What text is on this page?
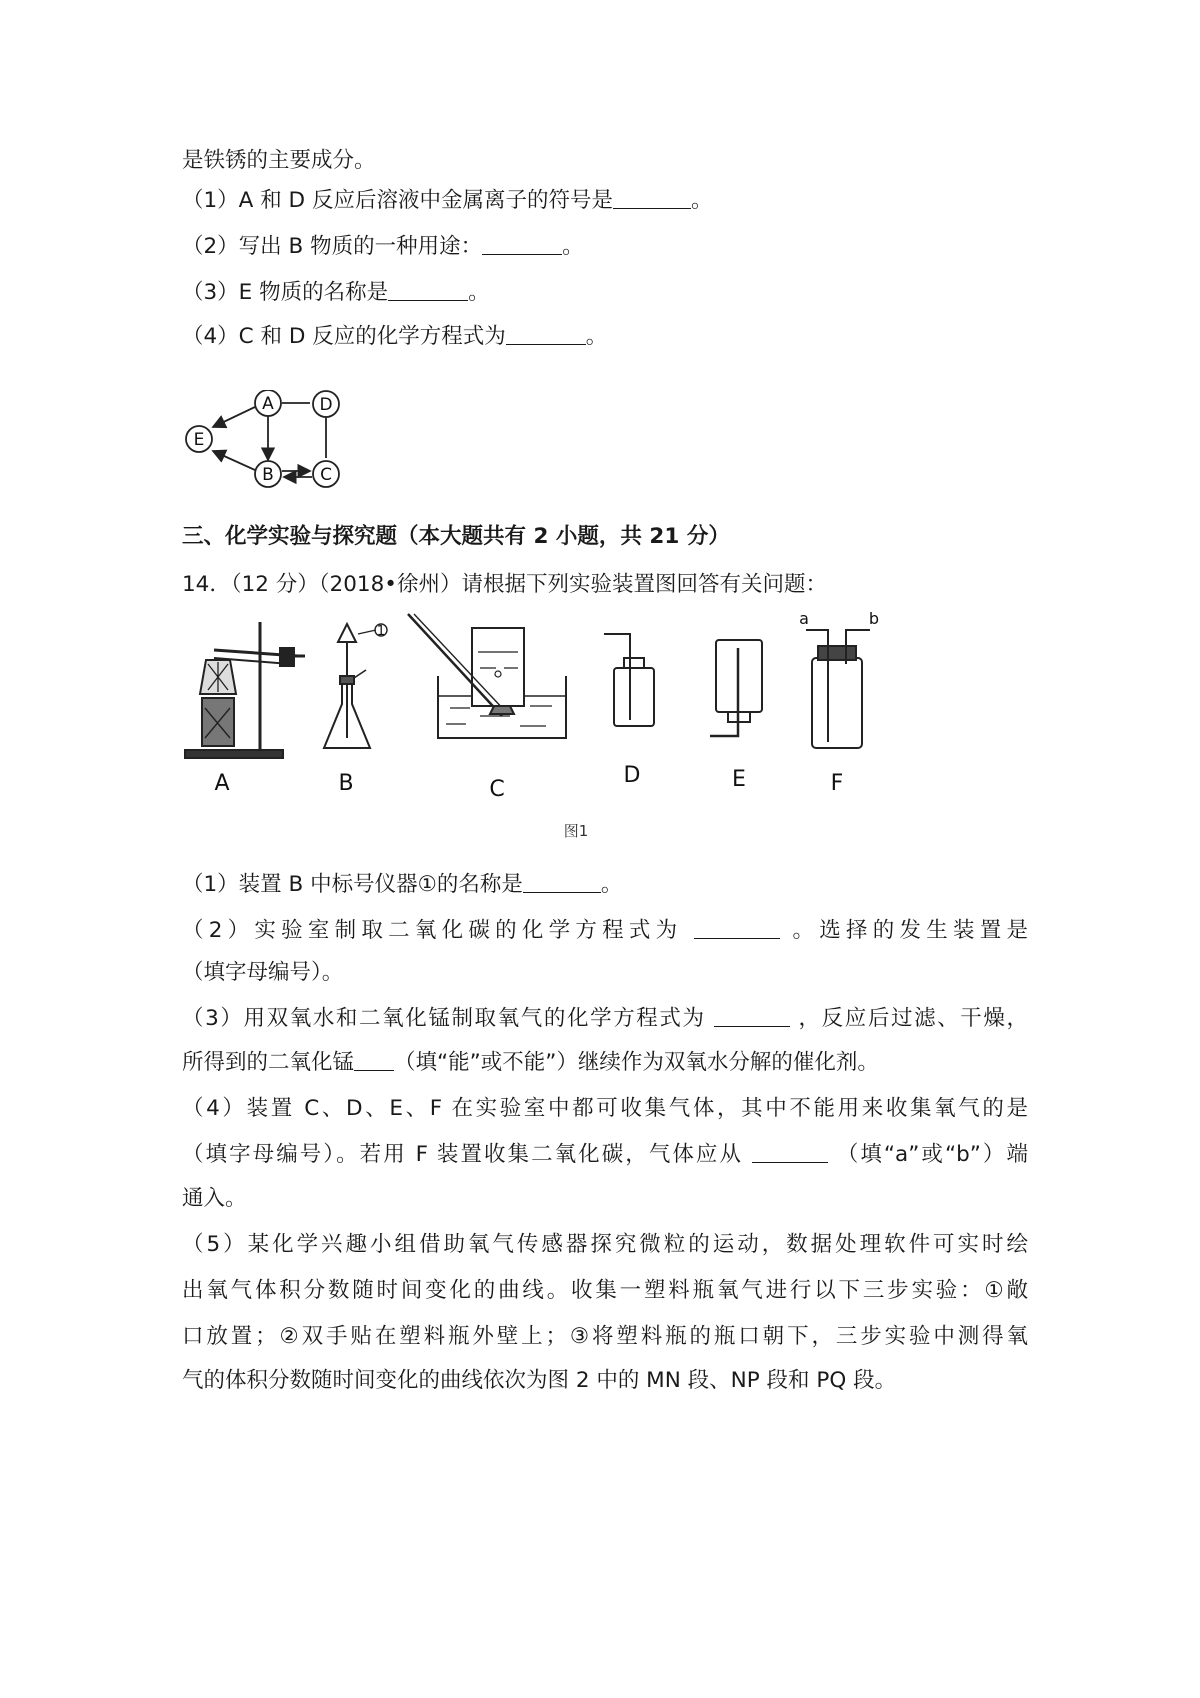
是铁锈的主要成分。
（1）A 和 D 反应后溶液中金属离子的符号是	。
（2）写出 B 物质的一种用途：	。
（3）E 物质的名称是	。
（4）C 和 D 反应的化学方程式为	。
A	D
E
B	C
三、化学实验与探究题（本大题共有 2 小题，共 21 分）
14．（12 分）（2018•徐州）请根据下列实验装置图回答有关问题：
A	B	C
D	E	F
1
a	b
图1
（1）装置 B 中标号仪器①的名称是	。
（2）实验室制取二氧化碳的化学方程式为	。选择的发生装置是
（填字母编号）。
（3）用双氧水和二氧化锰制取氧气的化学方程式为	，反应后过滤、干燥，
所得到的二氧化锰 （填“能”或不能”）继续作为双氧水分解的催化剂。
（4）装置 C、D、E、F 在实验室中都可收集气体，其中不能用来收集氧气的是
（填字母编号）。若用 F 装置收集二氧化碳，气体应从	（填“a”或“b”）端
通入。
（5）某化学兴趣小组借助氧气传感器探究微粒的运动，数据处理软件可实时绘
出氧气体积分数随时间变化的曲线。收集一塑料瓶氧气进行以下三步实验：①敞
口放置；②双手贴在塑料瓶外壁上；③将塑料瓶的瓶口朝下，三步实验中测得氧
气的体积分数随时间变化的曲线依次为图 2 中的 MN 段、NP 段和 PQ 段。
